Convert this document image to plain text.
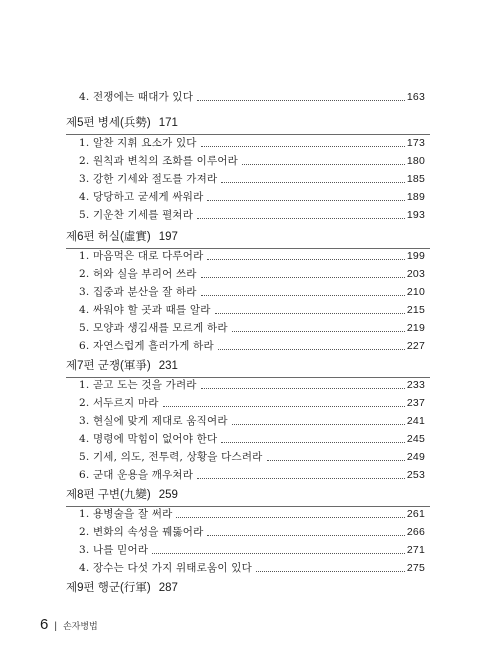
4. 전쟁에는 때대가 있다	163
제5편 병세(兵勢) 171
1. 알찬 지휘 요소가 있다	173
2. 원칙과 변칙의 조화를 이루어라	180
3. 강한 기세와 절도를 가져라	185
4. 당당하고 굳세게 싸워라	189
5. 기운찬 기세를 펼쳐라	193
제6편 허실(虛實) 197
1. 마음먹은 대로 다루어라	199
2. 허와 실을 부리어 쓰라	203
3. 집중과 분산을 잘 하라	210
4. 싸워야 할 곳과 때를 알라	215
5. 모양과 생김새를 모르게 하라	219
6. 자연스럽게 흘러가게 하라	227
제7편 군쟁(軍爭) 231
1. 곧고 도는 것을 가려라	233
2. 서두르지 마라	237
3. 현실에 맞게 제대로 움직여라	241
4. 명령에 막힘이 없어야 한다	245
5. 기세, 의도, 전투력, 상황을 다스려라	249
6. 군대 운용을 깨우쳐라	253
제8편 구변(九變) 259
1. 용병술을 잘 써라	261
2. 변화의 속성을 꿰뚫어라	266
3. 나를 믿어라	271
4. 장수는 다섯 가지 위태로움이 있다	275
제9편 행군(行軍) 287
6 | 손자병법
